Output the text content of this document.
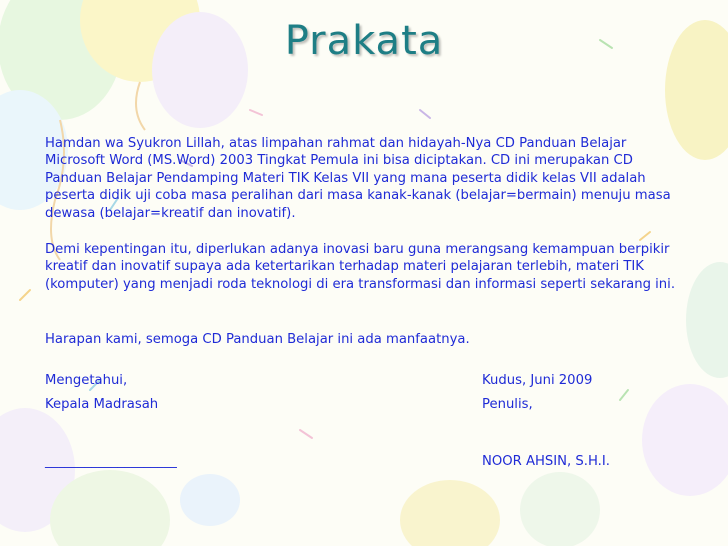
Prakata
Hamdan wa Syukron Lillah, atas limpahan rahmat dan hidayah-Nya CD Panduan Belajar Microsoft Word (MS.Word) 2003 Tingkat Pemula ini bisa diciptakan. CD ini merupakan CD Panduan Belajar Pendamping Materi TIK Kelas VII yang mana peserta didik kelas VII adalah peserta didik uji coba masa peralihan dari masa kanak-kanak (belajar=bermain) menuju masa dewasa (belajar=kreatif dan inovatif).
Demi kepentingan itu, diperlukan adanya inovasi baru guna merangsang kemampuan berpikir kreatif dan inovatif supaya ada ketertarikan terhadap materi pelajaran terlebih, materi TIK (komputer) yang menjadi roda teknologi di era transformasi dan informasi seperti sekarang ini.
Harapan kami, semoga CD Panduan Belajar ini ada manfaatnya.
Mengetahui,
Kepala Madrasah
____________________
Kudus, Juni 2009
Penulis,
NOOR AHSIN, S.H.I.
